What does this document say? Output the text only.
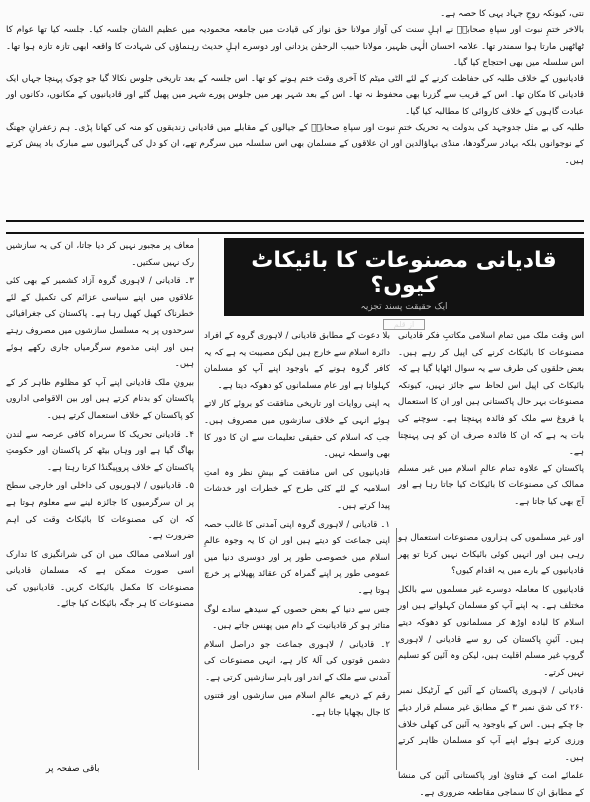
نتی، کیونکہ روحِ جہاد یہی کا حصہ ہے۔

بالاخر ختمِ نبوت اور سپاہِ صحابہؓ نے اہلِ سنت کی آواز مولانا حق نواز کی قیادت میں جامعہ محمودیہ میں عظیم الشان جلسہ کیا۔ جلسہ کیا تھا عوام کا ٹھاٹھیں مارتا ہوا سمندر تھا۔ علامہ احسان الٰہی ظہیر، مولانا حبیب الرحمٰن یزدانی اور دوسرے اہلِ حدیث رہنماؤں کی شہادت کا واقعہ ابھی تازہ تازہ ہوا تھا۔ اس سلسلہ میں بھی احتجاج کیا گیا۔

قادیانیوں کے خلاف طلبہ کی حفاظت کرنے کے لئے الٹی میٹم کا آخری وقت ختم ہونے کو تھا۔ اس جلسہ کے بعد تاریخی جلوس نکالا گیا جو چوک پہنچا جہاں ایک قادیانی کا مکان تھا۔ اس کے قریب سے گزرنا بھی محفوظ نہ تھا۔ اس کے بعد شہر بھر میں جلوس پورے شہر میں پھیل گئے اور قادیانیوں کے مکانوں، دکانوں اور عبادت گاہوں کے خلاف کاروائی کا مطالبہ کیا گیا۔

طلبہ کی بے مثل جدوجہد کی بدولت یہ تحریک ختمِ نبوت اور سپاہِ صحابہؓ کے جیالوں کے مقابلے میں قادیانی زندیقوں کو منہ کی کھانا پڑی۔ ہم زعفرانِ جھنگ کے نوجوانوں بلکہ بہادر سرگودھا، منڈی بہاؤالدین اور ان علاقوں کے مسلمان بھی اس سلسلہ میں سرگرم تھے، ان کو دل کی گہرائیوں سے مبارک باد پیش کرتے ہیں۔

قادیانی مصنوعات کا بائیکاٹ کیوں؟
ایک حقیقت پسند تجزیہ
از قلم

اس وقت ملک میں تمام اسلامی مکاتبِ فکر قادیانی مصنوعات کا بائیکاٹ کرنے کی اپیل کر رہے ہیں۔ بعض حلقوں کی طرف سے یہ سوال اٹھایا گیا ہے کہ بائیکاٹ کی اپیل اس لحاظ سے جائز نہیں، کیونکہ مصنوعات بہر حال پاکستانی ہیں اور ان کا استعمال یا فروغ سے ملک کو فائدہ پہنچتا ہے۔ سوچنے کی بات یہ ہے کہ ان کا فائدہ صرف ان کو ہی پہنچتا ہے۔

پاکستان کے علاوہ تمام عالمِ اسلام میں غیر مسلم ممالک کی مصنوعات کا بائیکاٹ کیا جاتا رہا ہے اور آج بھی کیا جاتا ہے۔

اور غیر مسلموں کی ہزاروں مصنوعات استعمال ہو رہی ہیں اور انہیں کوئی بائیکاٹ نہیں کرتا تو پھر قادیانیوں کے بارے میں یہ اقدام کیوں؟

قادیانیوں کا معاملہ دوسرے غیر مسلموں سے بالکل مختلف ہے۔ یہ اپنے آپ کو مسلمان کہلواتے ہیں اور اسلام کا لبادہ اوڑھ کر مسلمانوں کو دھوکہ دیتے ہیں۔ آئینِ پاکستان کی رو سے قادیانی / لاہوری گروپ غیر مسلم اقلیت ہیں، لیکن وہ آئین کو تسلیم نہیں کرتے۔

قادیانی / لاہوری پاکستان کے آئین کے آرٹیکل نمبر ۲۶۰ کی شق نمبر ۳ کے مطابق غیر مسلم قرار دیئے جا چکے ہیں۔ اس کے باوجود یہ آئین کی کھلی خلاف ورزی کرتے ہوئے اپنے آپ کو مسلمان ظاہر کرتے ہیں۔

علمائے امت کے فتاویٰ اور پاکستانی آئین کی منشا کے مطابق ان کا سماجی مقاطعہ ضروری ہے۔

بلا دعوت کے مطابق قادیانی / لاہوری گروہ کے افراد دائرہ اسلام سے خارج ہیں لیکن مصیبت یہ ہے کہ یہ کافر گروہ ہونے کے باوجود اپنے آپ کو مسلمان کہلواتا ہے اور عام مسلمانوں کو دھوکہ دیتا ہے۔

یہ اپنی روایات اور تاریخی منافقت کو بروئے کار لاتے ہوئے انہی کے خلاف سازشوں میں مصروف ہیں۔ جب کہ اسلام کی حقیقی تعلیمات سے ان کا دور کا بھی واسطہ نہیں۔

قادیانیوں کی اس منافقت کے بیشِ نظر وہ امتِ اسلامیہ کے لئے کئی طرح کے خطرات اور خدشات پیدا کرتے ہیں۔

۱۔ قادیانی / لاہوری گروہ اپنی آمدنی کا غالب حصہ اپنی جماعت کو دیتے ہیں اور ان کا یہ وجوہ عالمِ اسلام میں خصوصی طور پر اور دوسری دنیا میں عمومی طور پر اپنے گمراہ کن عقائد پھیلانے پر خرچ ہوتا ہے۔

جس سے دنیا کے بعض حصوں کے سیدھے سادے لوگ متاثر ہو کر قادیانیت کے دام میں پھنس جاتے ہیں۔

۲۔ قادیانی / لاہوری جماعت جو دراصل اسلام دشمن قوتوں کی آلۂ کار ہے، انہی مصنوعات کی آمدنی سے ملک کے اندر اور باہر سازشیں کرتی ہے۔

رقم کے ذریعے عالمِ اسلام میں سازشوں اور فتنوں کا جال بچھایا جاتا ہے۔

معاف پر مجبور نہیں کر دیا جاتا، ان کی یہ سازشیں رک نہیں سکتیں۔

۳۔ قادیانی / لاہوری گروہ آزاد کشمیر کے بھی کئی علاقوں میں اپنے سیاسی عزائم کی تکمیل کے لئے خطرناک کھیل کھیل رہا ہے۔ پاکستان کی جغرافیائی سرحدوں پر یہ مسلسل سازشوں میں مصروف رہتے ہیں اور اپنی مذموم سرگرمیاں جاری رکھے ہوئے ہیں۔

بیرونِ ملک قادیانی اپنے آپ کو مظلوم ظاہر کر کے پاکستان کو بدنام کرتے ہیں اور بین الاقوامی اداروں کو پاکستان کے خلاف استعمال کرتے ہیں۔

۴۔ قادیانی تحریک کا سربراہ کافی عرصہ سے لندن بھاگ گیا ہے اور وہاں بیٹھ کر پاکستان اور حکومتِ پاکستان کے خلاف پروپیگنڈا کرتا رہتا ہے۔

۵۔ قادیانیوں / لاہوریوں کی داخلی اور خارجی سطح پر ان سرگرمیوں کا جائزہ لینے سے معلوم ہوتا ہے کہ ان کی مصنوعات کا بائیکاٹ وقت کی اہم ضرورت ہے۔

اور اسلامی ممالک میں ان کی شرانگیزی کا تدارک اسی صورت ممکن ہے کہ مسلمان قادیانی مصنوعات کا مکمل بائیکاٹ کریں۔ قادیانیوں کی مصنوعات کا ہر جگہ بائیکاٹ کیا جائے۔

باقی صفحہ پر
